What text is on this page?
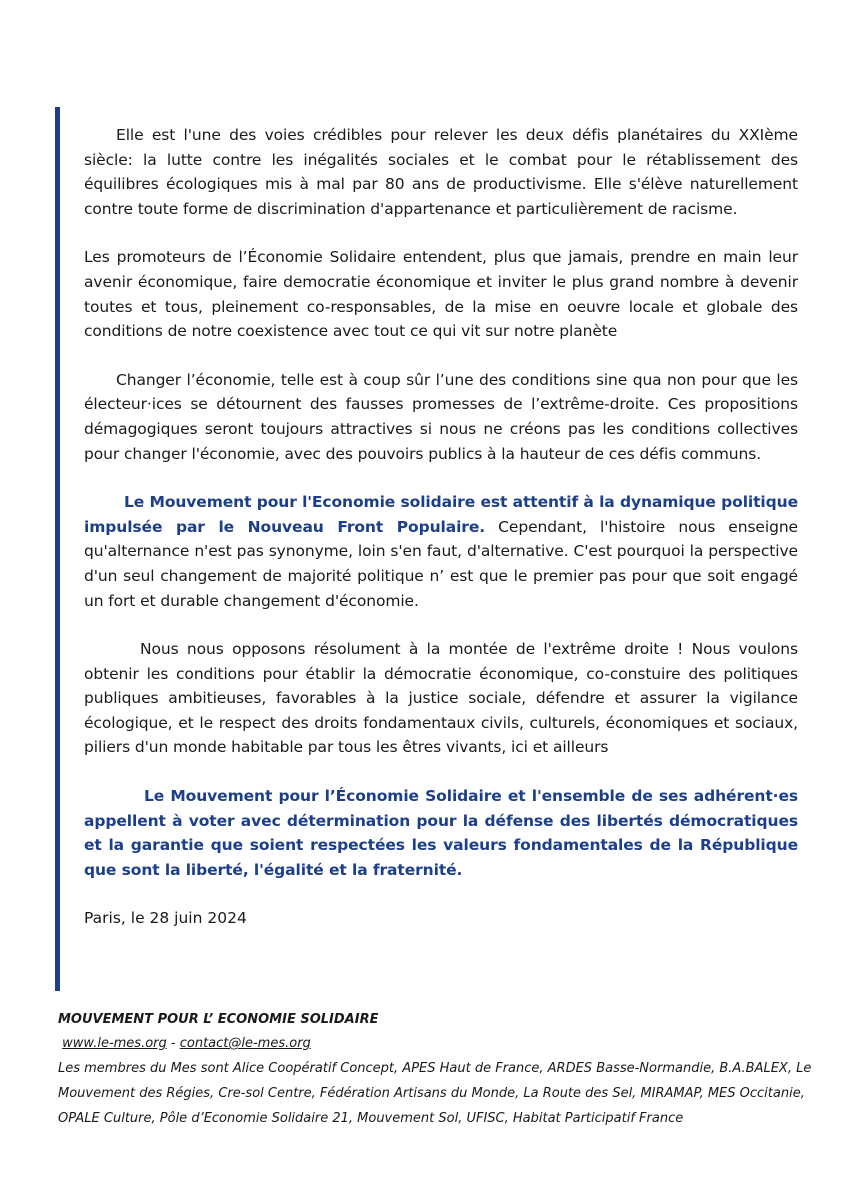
Elle est l'une des voies crédibles pour relever les deux défis planétaires du XXIème siècle: la lutte contre les inégalités sociales et le combat pour le rétablissement des équilibres écologiques mis à mal par 80 ans de productivisme. Elle s'élève naturellement contre toute forme de discrimination d'appartenance et particulièrement de racisme.

Les promoteurs de l’Économie Solidaire entendent, plus que jamais, prendre en main leur avenir économique, faire democratie économique et inviter le plus grand nombre à devenir toutes et tous, pleinement co-responsables, de la mise en oeuvre locale et globale des conditions de notre coexistence avec tout ce qui vit sur notre planète

Changer l’économie, telle est à coup sûr l’une des conditions sine qua non pour que les électeur·ices se détournent des fausses promesses de l’extrême-droite. Ces propositions démagogiques seront toujours attractives si nous ne créons pas les conditions collectives pour changer l'économie, avec des pouvoirs publics à la hauteur de ces défis communs.

Le Mouvement pour l'Economie solidaire est attentif à la dynamique politique impulsée par le Nouveau Front Populaire. Cependant, l'histoire nous enseigne qu'alternance n'est pas synonyme, loin s'en faut, d'alternative. C'est pourquoi la perspective d'un seul changement de majorité politique n’ est que le premier pas pour que soit engagé un fort et durable changement d'économie.

Nous nous opposons résolument à la montée de l'extrême droite ! Nous voulons obtenir les conditions pour établir la démocratie économique, co-constuire des politiques publiques ambitieuses, favorables à la justice sociale, défendre et assurer la vigilance écologique, et le respect des droits fondamentaux civils, culturels, économiques et sociaux, piliers d'un monde habitable par tous les êtres vivants, ici et ailleurs

Le Mouvement pour l’Économie Solidaire et l'ensemble de ses adhérent·es appellent à voter avec détermination pour la défense des libertés démocratiques et la garantie que soient respectées les valeurs fondamentales de la République que sont la liberté, l'égalité et la fraternité.

Paris, le 28 juin 2024

MOUVEMENT POUR L’ ECONOMIE SOLIDAIRE
www.le-mes.org - contact@le-mes.org
Les membres du Mes sont Alice Coopératif Concept, APES Haut de France, ARDES Basse-Normandie, B.A.BALEX, Le Mouvement des Régies, Cre-sol Centre, Fédération Artisans du Monde, La Route des Sel, MIRAMAP, MES Occitanie, OPALE Culture, Pôle d’Economie Solidaire 21, Mouvement Sol, UFISC, Habitat Participatif France
